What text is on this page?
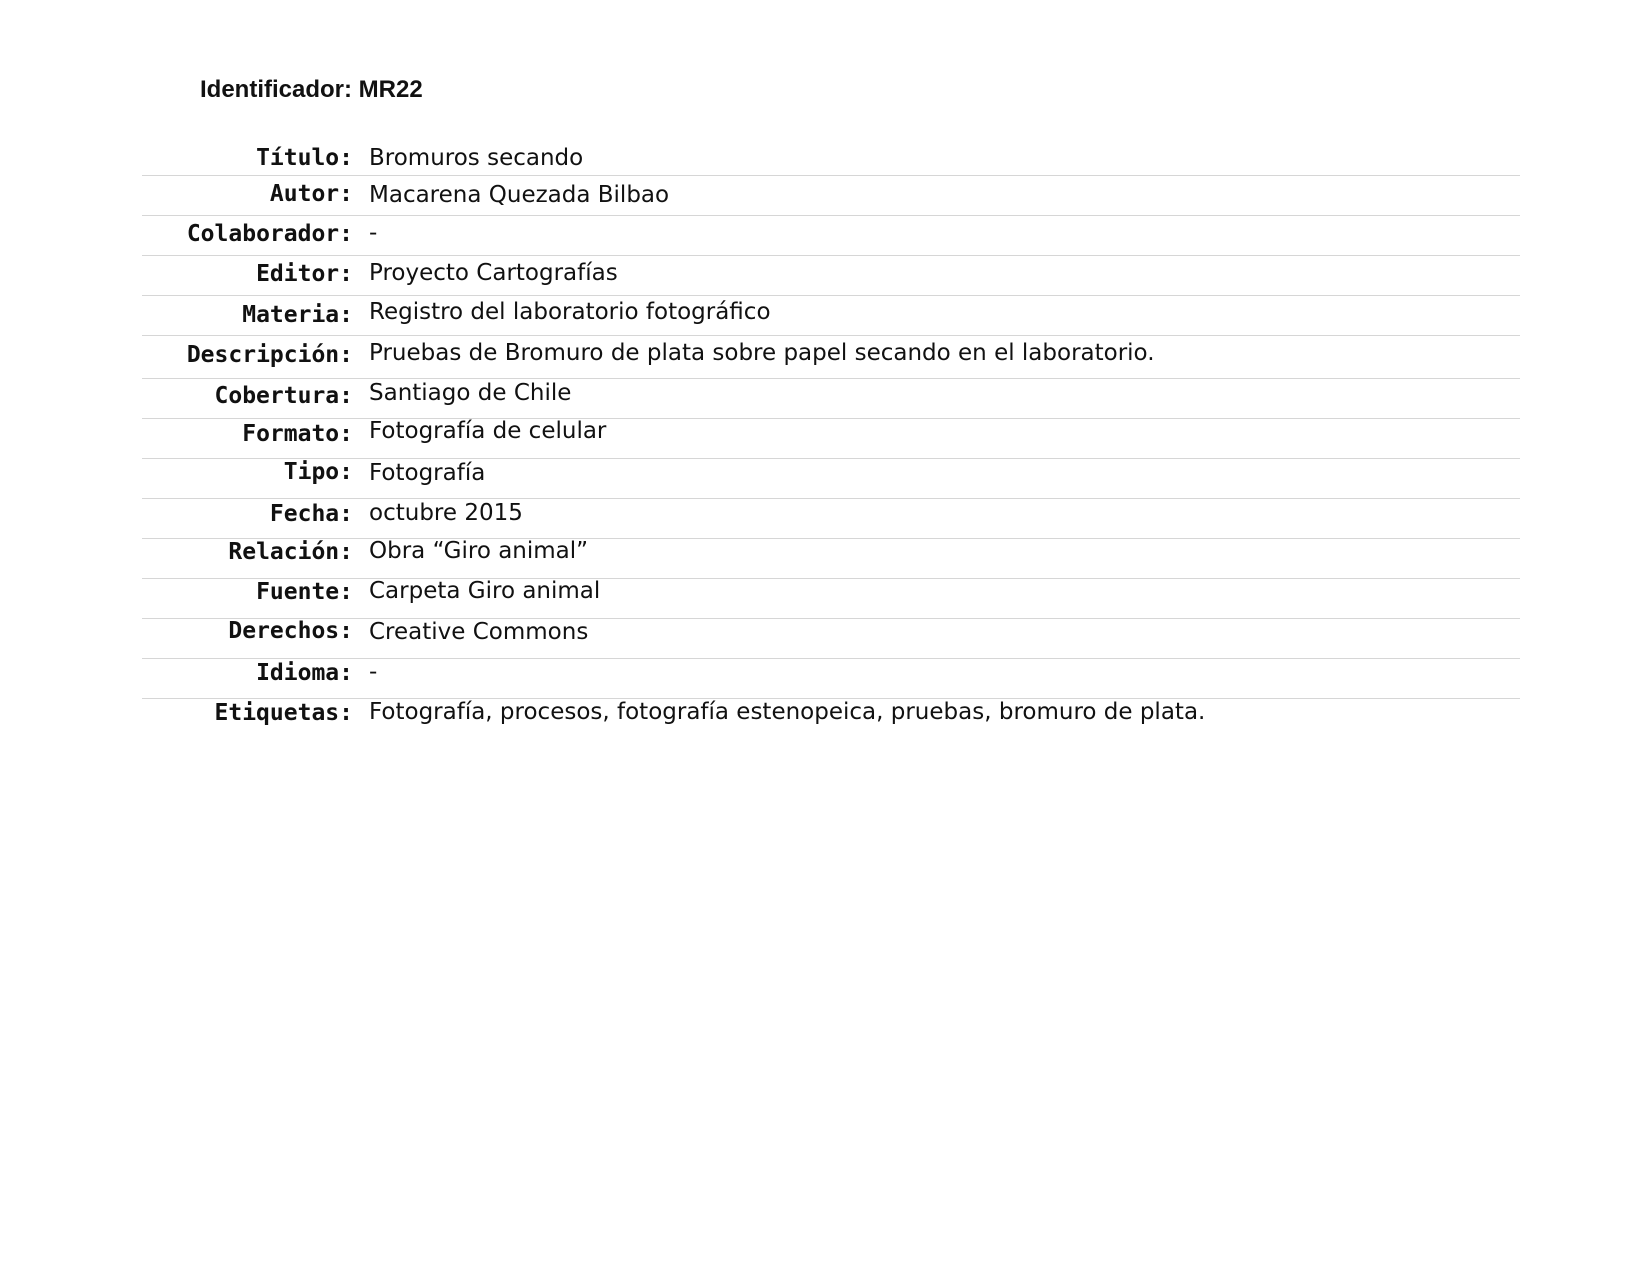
Identificador: MR22
Título: Bromuros secando
Autor: Macarena Quezada Bilbao
Colaborador: -
Editor: Proyecto Cartografías
Materia: Registro del laboratorio fotográfico
Descripción: Pruebas de Bromuro de plata sobre papel secando en el laboratorio.
Cobertura: Santiago de Chile
Formato: Fotografía de celular
Tipo: Fotografía
Fecha: octubre 2015
Relación: Obra “Giro animal”
Fuente: Carpeta Giro animal
Derechos: Creative Commons
Idioma: -
Etiquetas: Fotografía, procesos, fotografía estenopeica, pruebas, bromuro de plata.
